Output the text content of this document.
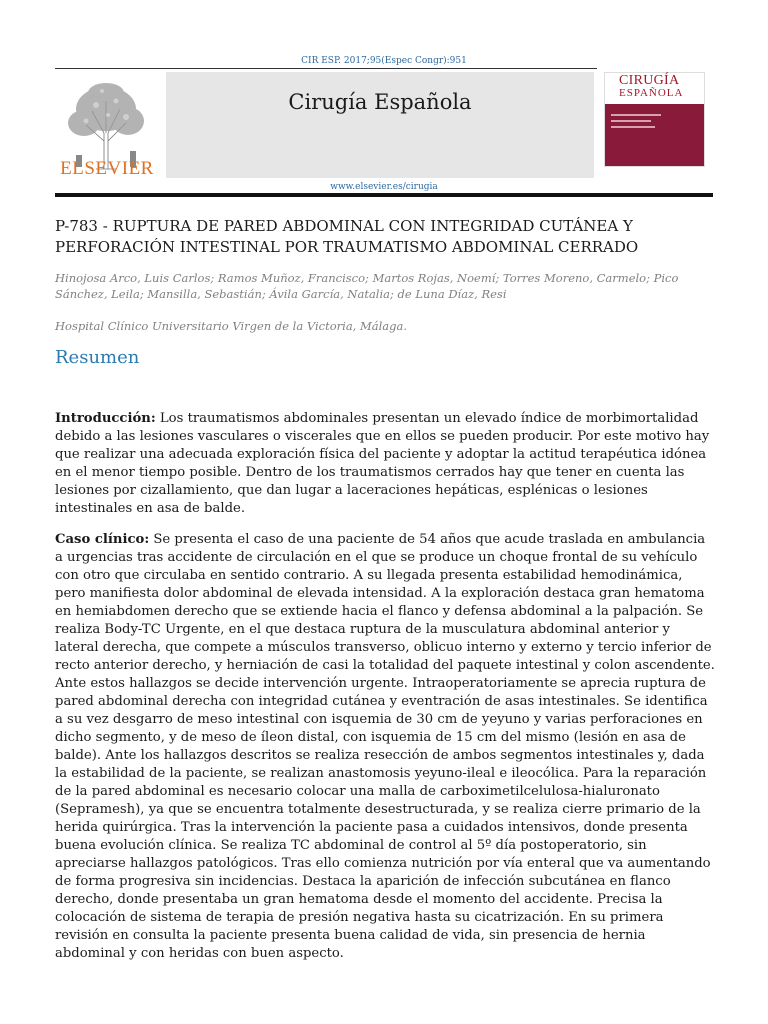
CIR ESP. 2017;95(Espec Congr):951
ELSEVIER
Cirugía Española
CIRUGÍA
ESPAÑOLA
www.elsevier.es/cirugia
P-783 - RUPTURA DE PARED ABDOMINAL CON INTEGRIDAD CUTÁNEA Y PERFORACIÓN INTESTINAL POR TRAUMATISMO ABDOMINAL CERRADO

Hinojosa Arco, Luis Carlos; Ramos Muñoz, Francisco; Martos Rojas, Noemí; Torres Moreno, Carmelo; Pico Sánchez, Leila; Mansilla, Sebastián; Ávila García, Natalia; de Luna Díaz, Resi

Hospital Clínico Universitario Virgen de la Victoria, Málaga.

Resumen

Introducción: Los traumatismos abdominales presentan un elevado índice de morbimortalidad debido a las lesiones vasculares o viscerales que en ellos se pueden producir. Por este motivo hay que realizar una adecuada exploración física del paciente y adoptar la actitud terapéutica idónea en el menor tiempo posible. Dentro de los traumatismos cerrados hay que tener en cuenta las lesiones por cizallamiento, que dan lugar a laceraciones hepáticas, esplénicas o lesiones intestinales en asa de balde.

Caso clínico: Se presenta el caso de una paciente de 54 años que acude traslada en ambulancia a urgencias tras accidente de circulación en el que se produce un choque frontal de su vehículo con otro que circulaba en sentido contrario. A su llegada presenta estabilidad hemodinámica, pero manifiesta dolor abdominal de elevada intensidad. A la exploración destaca gran hematoma en hemiabdomen derecho que se extiende hacia el flanco y defensa abdominal a la palpación. Se realiza Body-TC Urgente, en el que destaca ruptura de la musculatura abdominal anterior y lateral derecha, que compete a músculos transverso, oblicuo interno y externo y tercio inferior de recto anterior derecho, y herniación de casi la totalidad del paquete intestinal y colon ascendente. Ante estos hallazgos se decide intervención urgente. Intraoperatoriamente se aprecia ruptura de pared abdominal derecha con integridad cutánea y eventración de asas intestinales. Se identifica a su vez desgarro de meso intestinal con isquemia de 30 cm de yeyuno y varias perforaciones en dicho segmento, y de meso de íleon distal, con isquemia de 15 cm del mismo (lesión en asa de balde). Ante los hallazgos descritos se realiza resección de ambos segmentos intestinales y, dada la estabilidad de la paciente, se realizan anastomosis yeyuno-ileal e ileocólica. Para la reparación de la pared abdominal es necesario colocar una malla de carboximetilcelulosa-hialuronato (Sepramesh), ya que se encuentra totalmente desestructurada, y se realiza cierre primario de la herida quirúrgica. Tras la intervención la paciente pasa a cuidados intensivos, donde presenta buena evolución clínica. Se realiza TC abdominal de control al 5º día postoperatorio, sin apreciarse hallazgos patológicos. Tras ello comienza nutrición por vía enteral que va aumentando de forma progresiva sin incidencias. Destaca la aparición de infección subcutánea en flanco derecho, donde presentaba un gran hematoma desde el momento del accidente. Precisa la colocación de sistema de terapia de presión negativa hasta su cicatrización. En su primera revisión en consulta la paciente presenta buena calidad de vida, sin presencia de hernia abdominal y con heridas con buen aspecto.
